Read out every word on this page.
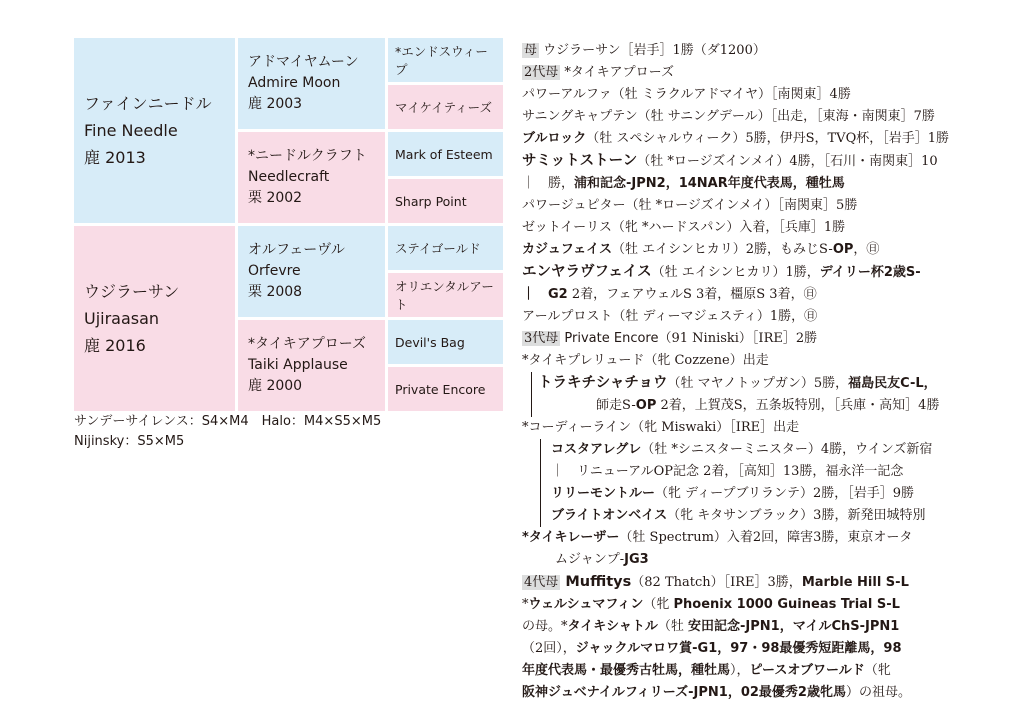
ファインニードル
Fine Needle
鹿 2013
ウジラーサン
Ujiraasan
鹿 2016
アドマイヤムーン
Admire Moon
鹿 2003
*ニードルクラフト
Needlecraft
栗 2002
オルフェーヴル
Orfevre
栗 2008
*タイキアプローズ
Taiki Applause
鹿 2000
*エンドスウィープ
マイケイティーズ
Mark of Esteem
Sharp Point
ステイゴールド
オリエンタルアート
Devil's Bag
Private Encore
サンデーサイレンス：S4×M4　Halo：M4×S5×M5
Nijinsky：S5×M5
母 ウジラーサン［岩手］1勝（ダ1200）
2代母 *タイキアプローズ
パワーアルファ（牡 ミラクルアドマイヤ）［南関東］4勝
サニングキャプテン（牡 サニングデール）［出走，［東海・南関東］7勝
ブルロック（牡 スペシャルウィーク）5勝，伊丹S，TVQ杯，［岩手］1勝
サミットストーン（牡 *ロージズインメイ）4勝，［石川・南関東］10
｜　勝，浦和記念-JPN2，14NAR年度代表馬，種牡馬
パワージュピター（牡 *ロージズインメイ）［南関東］5勝
ゼットイーリス（牝 *ハードスパン）入着，［兵庫］1勝
カジュフェイス（牡 エイシンヒカリ）2勝，もみじS-OP，㊐
エンヤラヴフェイス（牡 エイシンヒカリ）1勝，デイリー杯2歳S-
｜　G2 2着，フェアウェルS 3着，橿原S 3着，㊐
アールプロスト（牡 ディーマジェスティ）1勝，㊐
3代母 Private Encore（91 Niniski）［IRE］2勝
*タイキプレリュード（牝 Cozzene）出走
トラキチシャチョウ（牡 マヤノトップガン）5勝，福島民友C-L，
師走S-OP 2着，上賀茂S，五条坂特別，［兵庫・高知］4勝
*コーディーライン（牝 Miswaki）［IRE］出走
コスタアレグレ（牡 *シニスターミニスター）4勝，ウインズ新宿
｜　リニューアルOP記念 2着，［高知］13勝，福永洋一記念
リリーモントルー（牝 ディープブリランテ）2勝，［岩手］9勝
ブライトオンベイス（牝 キタサンブラック）3勝，新発田城特別
*タイキレーザー（牡 Spectrum）入着2回，障害3勝，東京オータ
ムジャンプ-JG3
4代母 Muffitys（82 Thatch）［IRE］3勝，Marble Hill S-L
*ウェルシュマフィン（牝 Phoenix 1000 Guineas Trial S-L
の母。*タイキシャトル（牡 安田記念-JPN1，マイルChS-JPN1
（2回），ジャックルマロワ賞-G1，97・98最優秀短距離馬，98
年度代表馬・最優秀古牡馬，種牡馬），ピースオブワールド（牝
阪神ジュベナイルフィリーズ-JPN1，02最優秀2歳牝馬）の祖母。
